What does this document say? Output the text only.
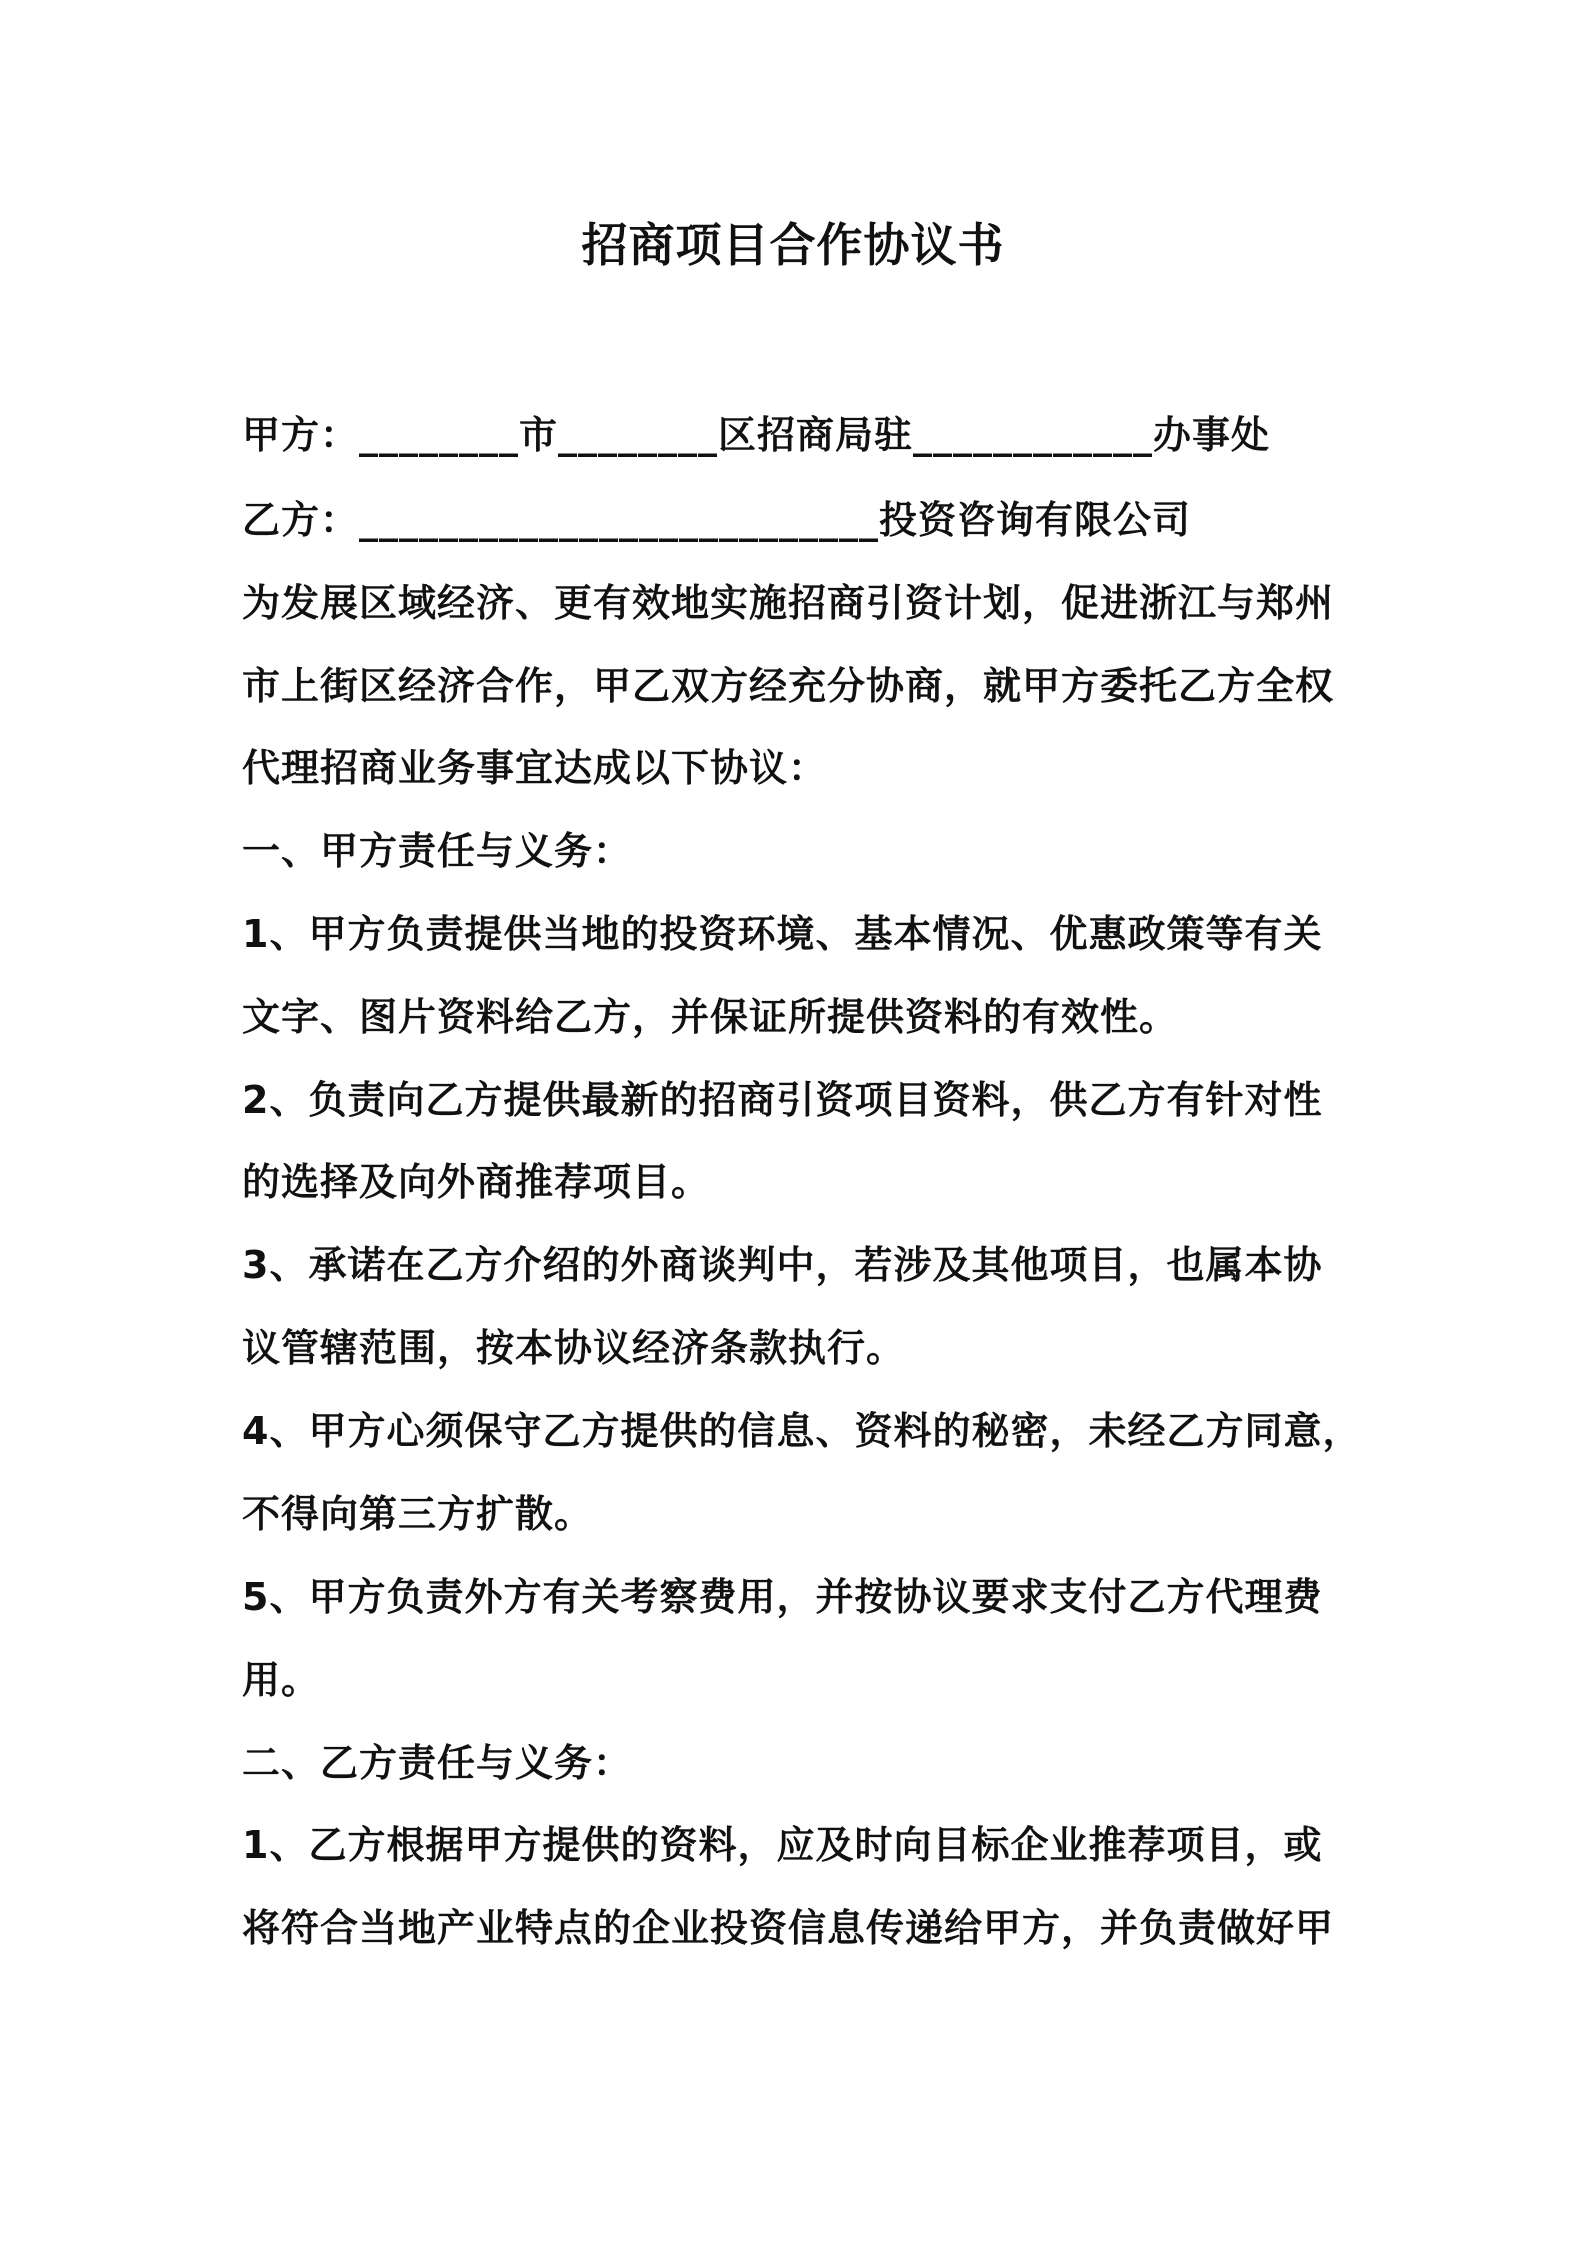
招商项目合作协议书
甲方：________市________区招商局驻____________办事处
乙方：__________________________投资咨询有限公司
为发展区域经济、更有效地实施招商引资计划，促进浙江与郑州
市上街区经济合作，甲乙双方经充分协商，就甲方委托乙方全权
代理招商业务事宜达成以下协议：
一、甲方责任与义务：
1、甲方负责提供当地的投资环境、基本情况、优惠政策等有关
文字、图片资料给乙方，并保证所提供资料的有效性。
2、负责向乙方提供最新的招商引资项目资料，供乙方有针对性
的选择及向外商推荐项目。
3、承诺在乙方介绍的外商谈判中，若涉及其他项目，也属本协
议管辖范围，按本协议经济条款执行。
4、甲方心须保守乙方提供的信息、资料的秘密，未经乙方同意，
不得向第三方扩散。
5、甲方负责外方有关考察费用，并按协议要求支付乙方代理费
用。
二、乙方责任与义务：
1、乙方根据甲方提供的资料，应及时向目标企业推荐项目，或
将符合当地产业特点的企业投资信息传递给甲方，并负责做好甲
